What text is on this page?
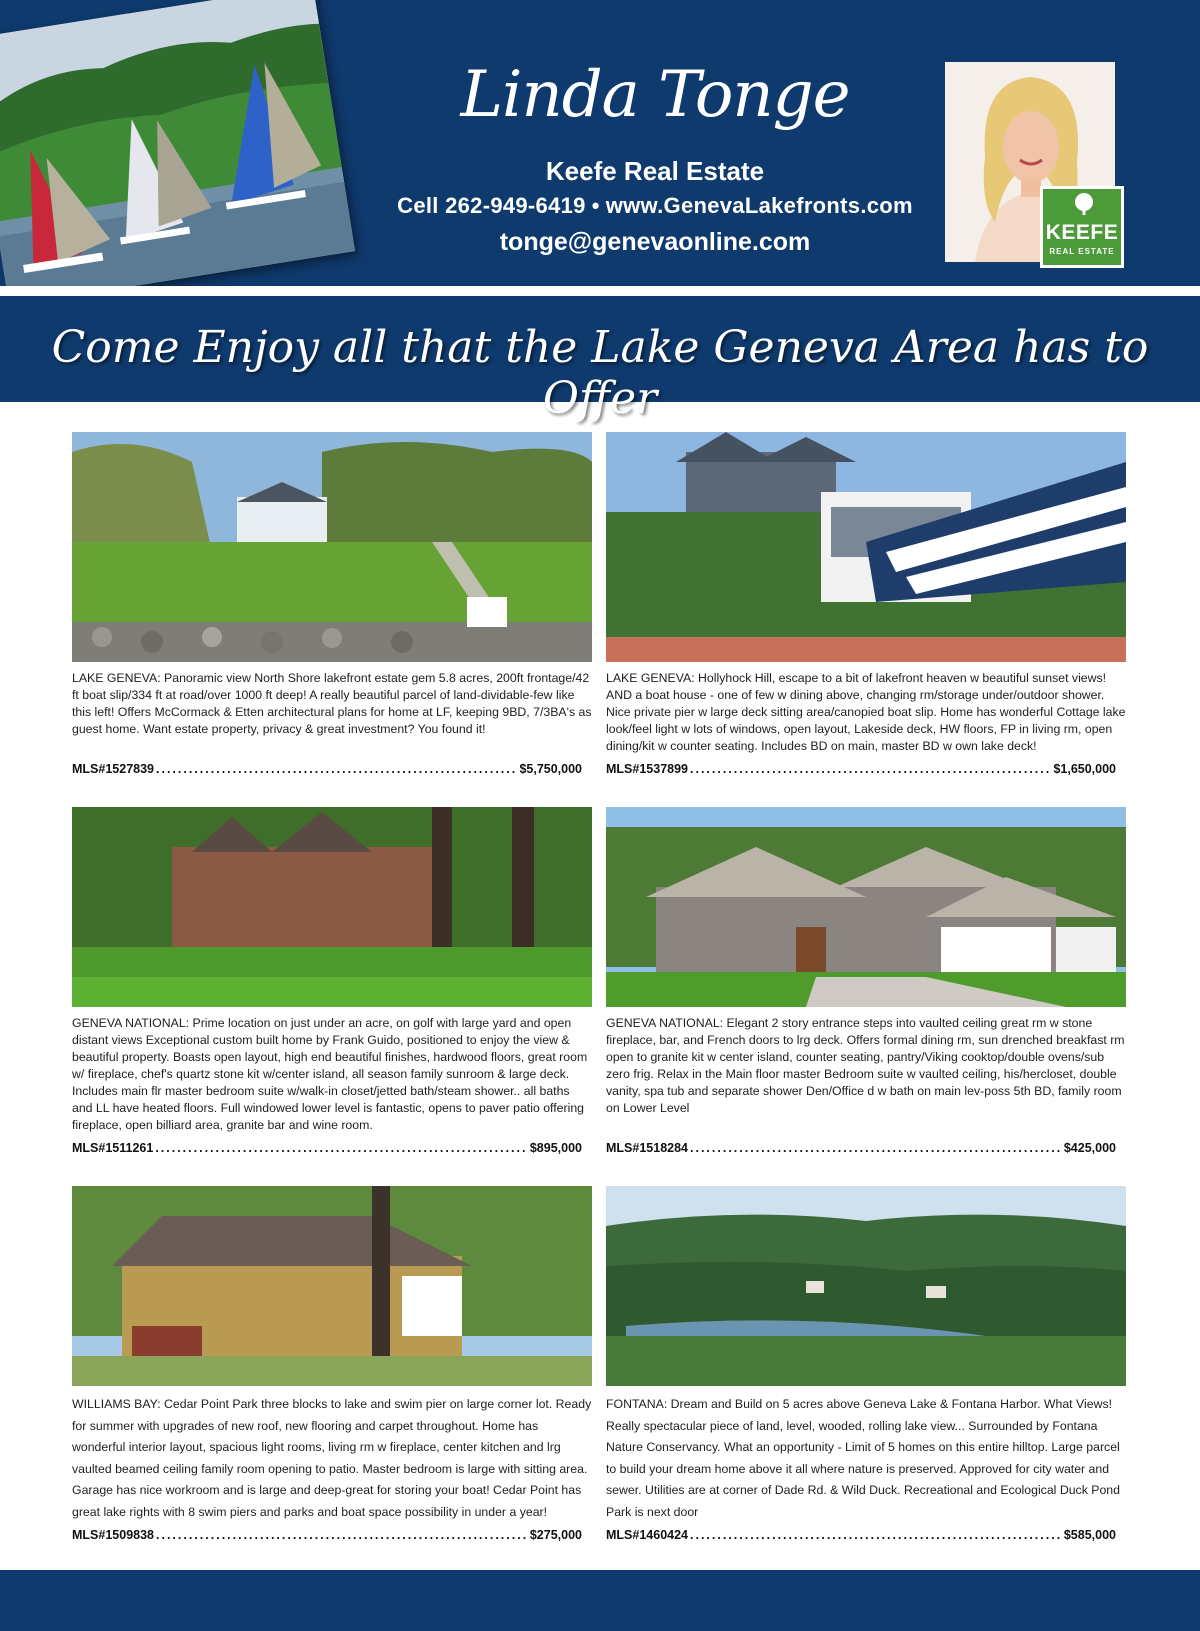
Linda Tonge
Keefe Real Estate
Cell 262-949-6419 • www.GenevaLakefronts.com
tonge@genevaonline.com	KEEFE
REAL ESTATE
Come Enjoy all that the Lake Geneva Area has to Offer
LAKE GENEVA: Panoramic view North Shore lakefront estate gem 5.8 acres, 200ft frontage/42 ft boat slip/334 ft at road/over 1000 ft deep! A really beautiful parcel of land-dividable-few like this left! Offers McCormack & Etten architectural plans for home at LF, keeping 9BD, 7/3BA's as guest home. Want estate property, privacy & great investment? You found it!
MLS#1527839 .....	$5,750,000
LAKE GENEVA: Hollyhock Hill, escape to a bit of lakefront heaven w beautiful sunset views! AND a boat house - one of few w dining above, changing rm/storage under/outdoor shower. Nice private pier w large deck sitting area/canopied boat slip. Home has wonderful Cottage lake look/feel light w lots of windows, open layout, Lakeside deck, HW floors, FP in living rm, open dining/kit w counter seating. Includes BD on main, master BD w own lake deck!
MLS#1537899 .....	$1,650,000
GENEVA NATIONAL: Prime location on just under an acre, on golf with large yard and open distant views Exceptional custom built home by Frank Guido, positioned to enjoy the view & beautiful property. Boasts open layout, high end beautiful finishes, hardwood floors, great room w/ fireplace, chef's quartz stone kit w/center island, all season family sunroom & large deck. Includes main flr master bedroom suite w/walk-in closet/jetted bath/steam shower.. all baths and LL have heated floors. Full windowed lower level is fantastic, opens to paver patio offering fireplace, open billiard area, granite bar and wine room.
MLS#1511261 .....	$895,000
GENEVA NATIONAL: Elegant 2 story entrance steps into vaulted ceiling great rm w stone fireplace, bar, and French doors to lrg deck. Offers formal dining rm, sun drenched breakfast rm open to granite kit w center island, counter seating, pantry/Viking cooktop/double ovens/sub zero frig. Relax in the Main floor master Bedroom suite w vaulted ceiling, his/hercloset, double vanity, spa tub and separate shower Den/Office d w bath on main lev-poss 5th BD, family room on Lower Level
MLS#1518284 .....	$425,000
WILLIAMS BAY: Cedar Point Park three blocks to lake and swim pier on large corner lot. Ready for summer with upgrades of new roof, new flooring and carpet throughout. Home has wonderful interior layout, spacious light rooms, living rm w fireplace, center kitchen and lrg vaulted beamed ceiling family room opening to patio. Master bedroom is large with sitting area. Garage has nice workroom and is large and deep-great for storing your boat! Cedar Point has great lake rights with 8 swim piers and parks and boat space possibility in under a year!
MLS#1509838 .....	$275,000
FONTANA: Dream and Build on 5 acres above Geneva Lake & Fontana Harbor. What Views! Really spectacular piece of land, level, wooded, rolling lake view... Surrounded by Fontana Nature Conservancy. What an opportunity - Limit of 5 homes on this entire hilltop. Large parcel to build your dream home above it all where nature is preserved. Approved for city water and sewer. Utilities are at corner of Dade Rd. & Wild Duck. Recreational and Ecological Duck Pond Park is next door
MLS#1460424 .....	$585,000
